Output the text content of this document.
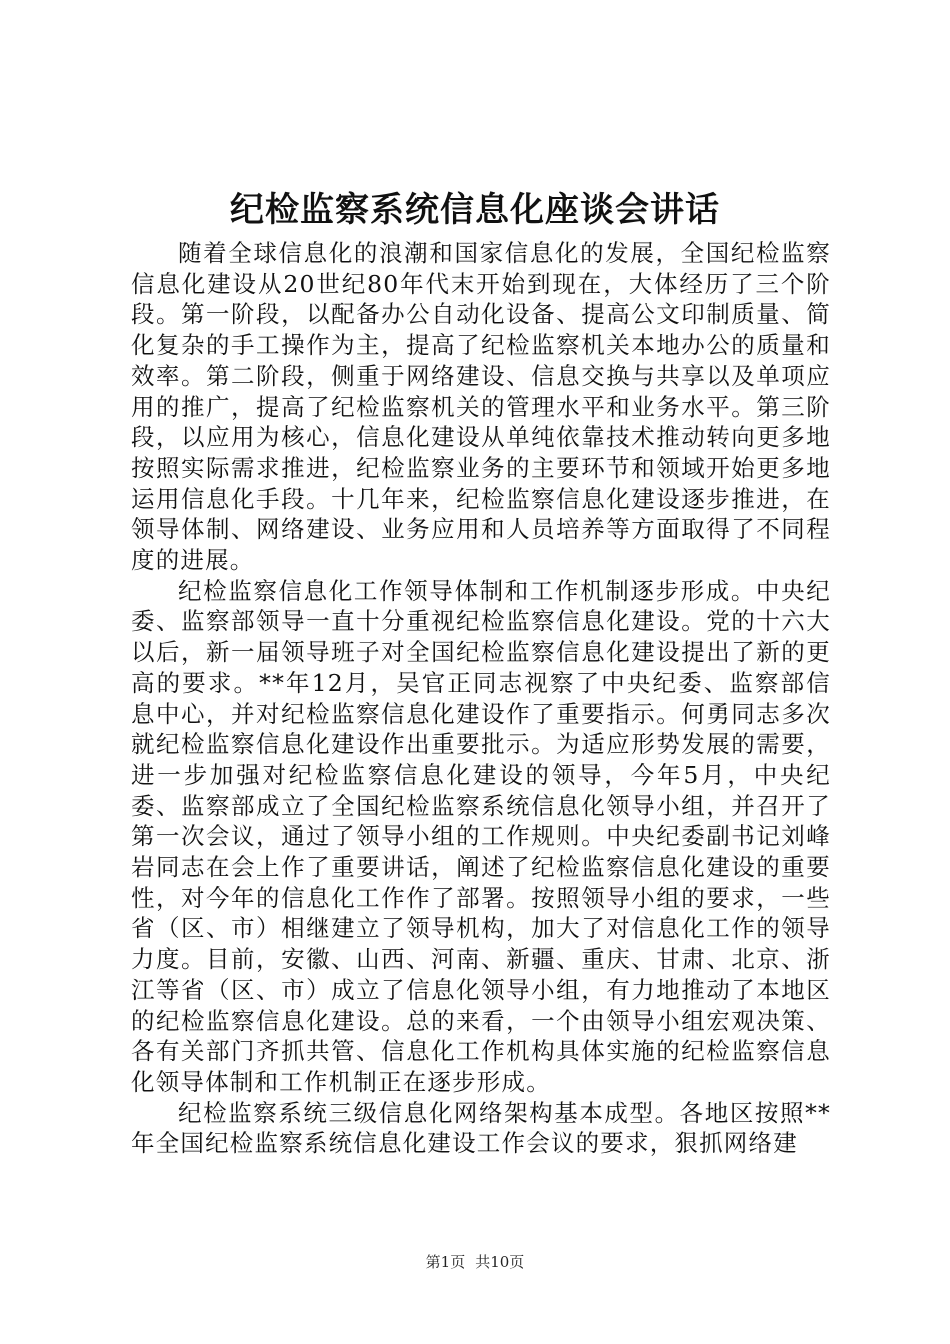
纪检监察系统信息化座谈会讲话

随着全球信息化的浪潮和国家信息化的发展，全国纪检监察信息化建设从20世纪80年代末开始到现在，大体经历了三个阶段。第一阶段，以配备办公自动化设备、提高公文印制质量、简化复杂的手工操作为主，提高了纪检监察机关本地办公的质量和效率。第二阶段，侧重于网络建设、信息交换与共享以及单项应用的推广，提高了纪检监察机关的管理水平和业务水平。第三阶段，以应用为核心，信息化建设从单纯依靠技术推动转向更多地按照实际需求推进，纪检监察业务的主要环节和领域开始更多地运用信息化手段。十几年来，纪检监察信息化建设逐步推进，在领导体制、网络建设、业务应用和人员培养等方面取得了不同程度的进展。

纪检监察信息化工作领导体制和工作机制逐步形成。中央纪委、监察部领导一直十分重视纪检监察信息化建设。党的十六大以后，新一届领导班子对全国纪检监察信息化建设提出了新的更高的要求。**年12月，吴官正同志视察了中央纪委、监察部信息中心，并对纪检监察信息化建设作了重要指示。何勇同志多次就纪检监察信息化建设作出重要批示。为适应形势发展的需要，进一步加强对纪检监察信息化建设的领导，今年5月，中央纪委、监察部成立了全国纪检监察系统信息化领导小组，并召开了第一次会议，通过了领导小组的工作规则。中央纪委副书记刘峰岩同志在会上作了重要讲话，阐述了纪检监察信息化建设的重要性，对今年的信息化工作作了部署。按照领导小组的要求，一些省（区、市）相继建立了领导机构，加大了对信息化工作的领导力度。目前，安徽、山西、河南、新疆、重庆、甘肃、北京、浙江等省（区、市）成立了信息化领导小组，有力地推动了本地区的纪检监察信息化建设。总的来看，一个由领导小组宏观决策、各有关部门齐抓共管、信息化工作机构具体实施的纪检监察信息化领导体制和工作机制正在逐步形成。

纪检监察系统三级信息化网络架构基本成型。各地区按照**年全国纪检监察系统信息化建设工作会议的要求，狠抓网络建

第1页 共10页
